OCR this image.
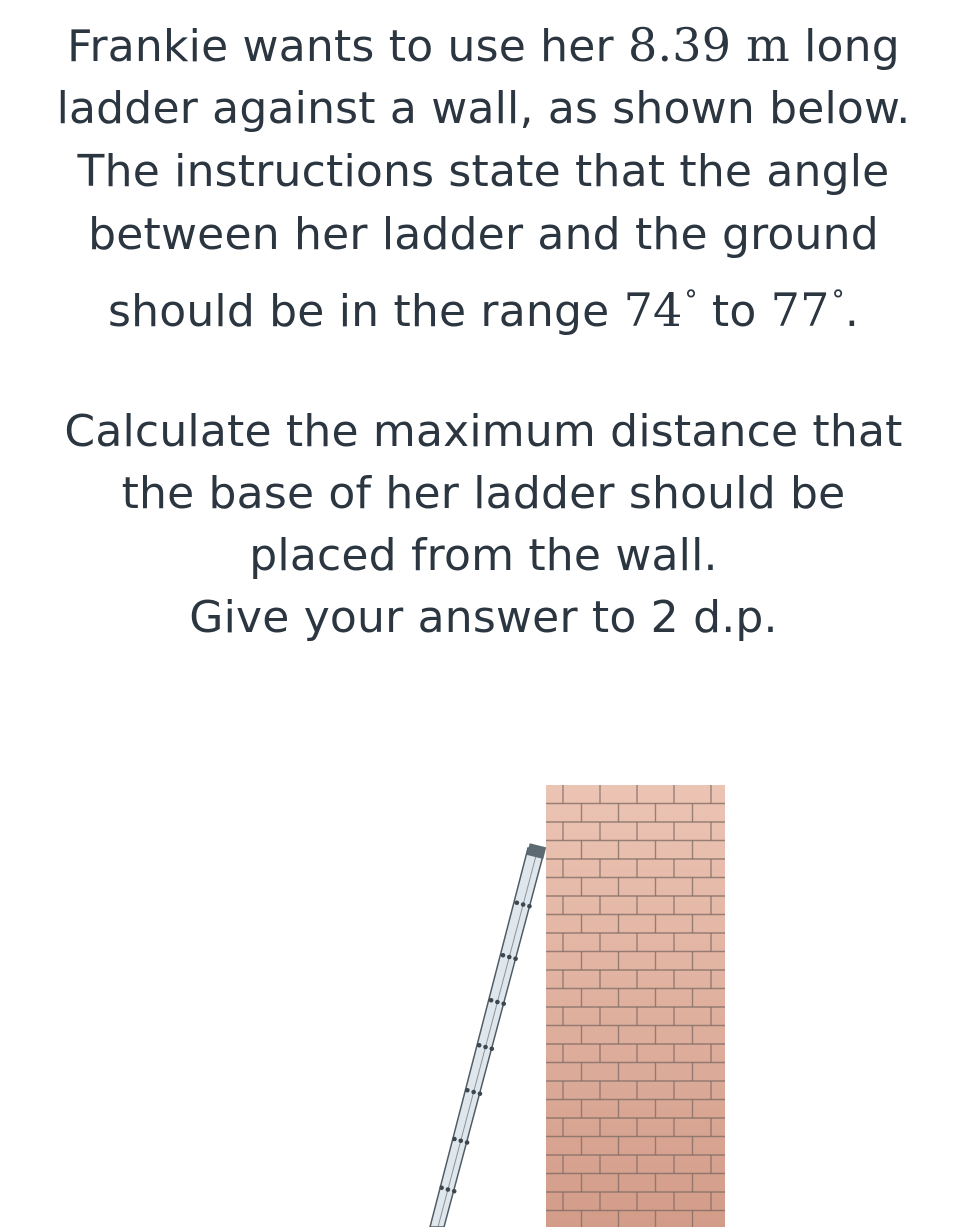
Frankie wants to use her 8.39 m long
ladder against a wall, as shown below.
The instructions state that the angle
between her ladder and the ground
should be in the range 74° to 77°.
Calculate the maximum distance that
the base of her ladder should be
placed from the wall.
Give your answer to 2 d.p.
